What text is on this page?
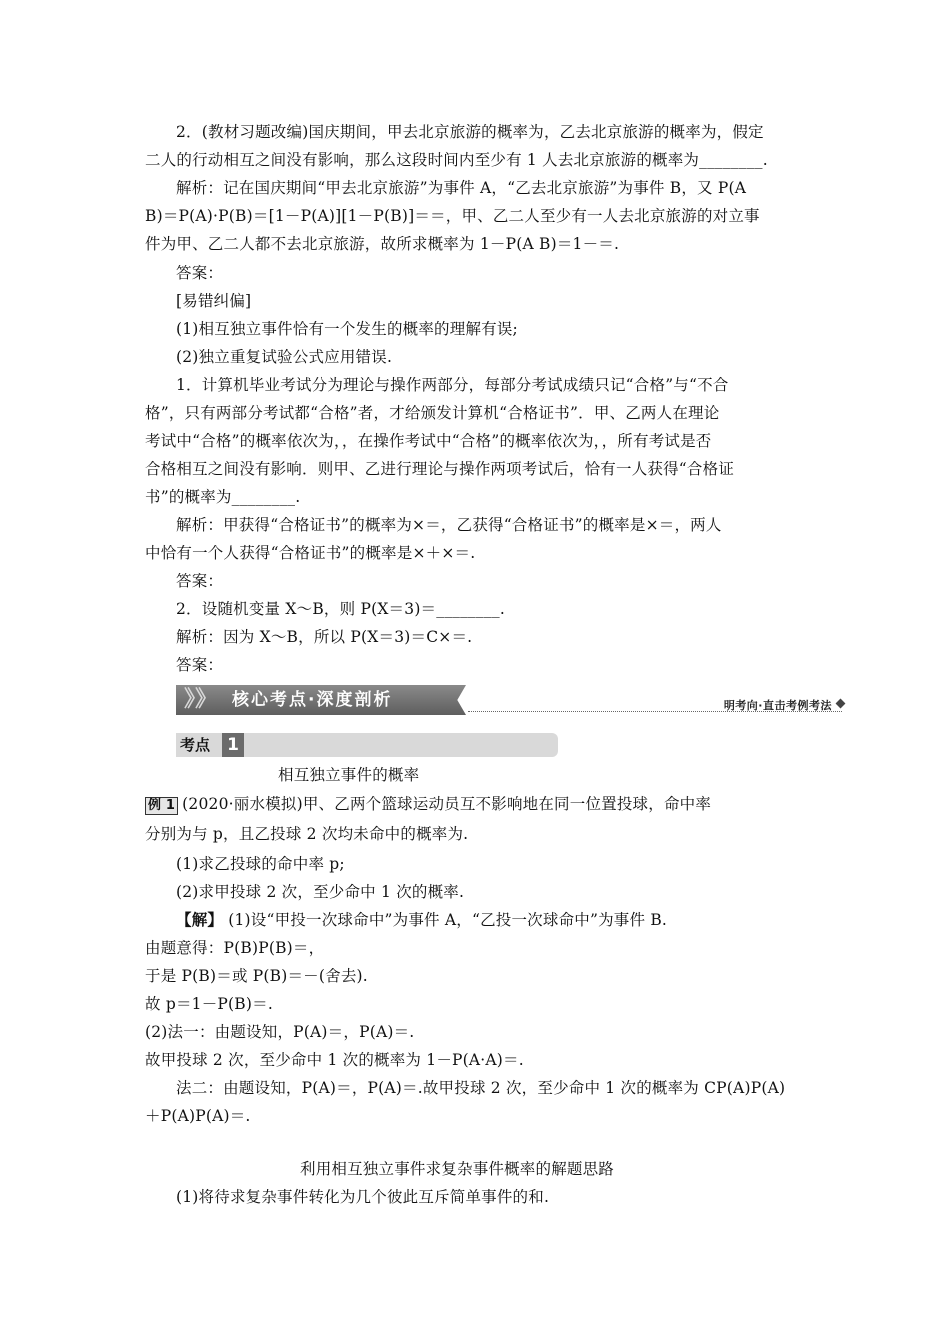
2．(教材习题改编)国庆期间，甲去北京旅游的概率为，乙去北京旅游的概率为，假定
二人的行动相互之间没有影响，那么这段时间内至少有 1 人去北京旅游的概率为________.
解析：记在国庆期间“甲去北京旅游”为事件 A，“乙去北京旅游”为事件 B，又 P(A
B)＝P(A)·P(B)＝[1－P(A)][1－P(B)]＝＝，甲、乙二人至少有一人去北京旅游的对立事
件为甲、乙二人都不去北京旅游，故所求概率为 1－P(A B)＝1－＝.
答案：
[易错纠偏]
(1)相互独立事件恰有一个发生的概率的理解有误;
(2)独立重复试验公式应用错误.
1．计算机毕业考试分为理论与操作两部分，每部分考试成绩只记“合格”与“不合
格”，只有两部分考试都“合格”者，才给颁发计算机“合格证书”．甲、乙两人在理论
考试中“合格”的概率依次为，，在操作考试中“合格”的概率依次为，，所有考试是否
合格相互之间没有影响．则甲、乙进行理论与操作两项考试后，恰有一人获得“合格证
书”的概率为________.
解析：甲获得“合格证书”的概率为×＝，乙获得“合格证书”的概率是×＝，两人
中恰有一个人获得“合格证书”的概率是×＋×＝.
答案：
2．设随机变量 X～B，则 P(X＝3)＝________.
解析：因为 X～B，所以 P(X＝3)＝C×＝.
答案：
》》 核心考点·深度剖析	明考向·直击考例考法
考点 1
相互独立事件的概率
例 1 (2020·丽水模拟)甲、乙两个篮球运动员互不影响地在同一位置投球，命中率
分别为与 p，且乙投球 2 次均未命中的概率为.
(1)求乙投球的命中率 p;
(2)求甲投球 2 次，至少命中 1 次的概率.
【解】 (1)设“甲投一次球命中”为事件 A，“乙投一次球命中”为事件 B.
由题意得：P(B)P(B)＝，
于是 P(B)＝或 P(B)＝－(舍去).
故 p＝1－P(B)＝.
(2)法一：由题设知，P(A)＝，P(A)＝.
故甲投球 2 次，至少命中 1 次的概率为 1－P(A·A)＝.
法二：由题设知，P(A)＝，P(A)＝.故甲投球 2 次，至少命中 1 次的概率为 CP(A)P(A)
＋P(A)P(A)＝.
利用相互独立事件求复杂事件概率的解题思路
(1)将待求复杂事件转化为几个彼此互斥简单事件的和.
